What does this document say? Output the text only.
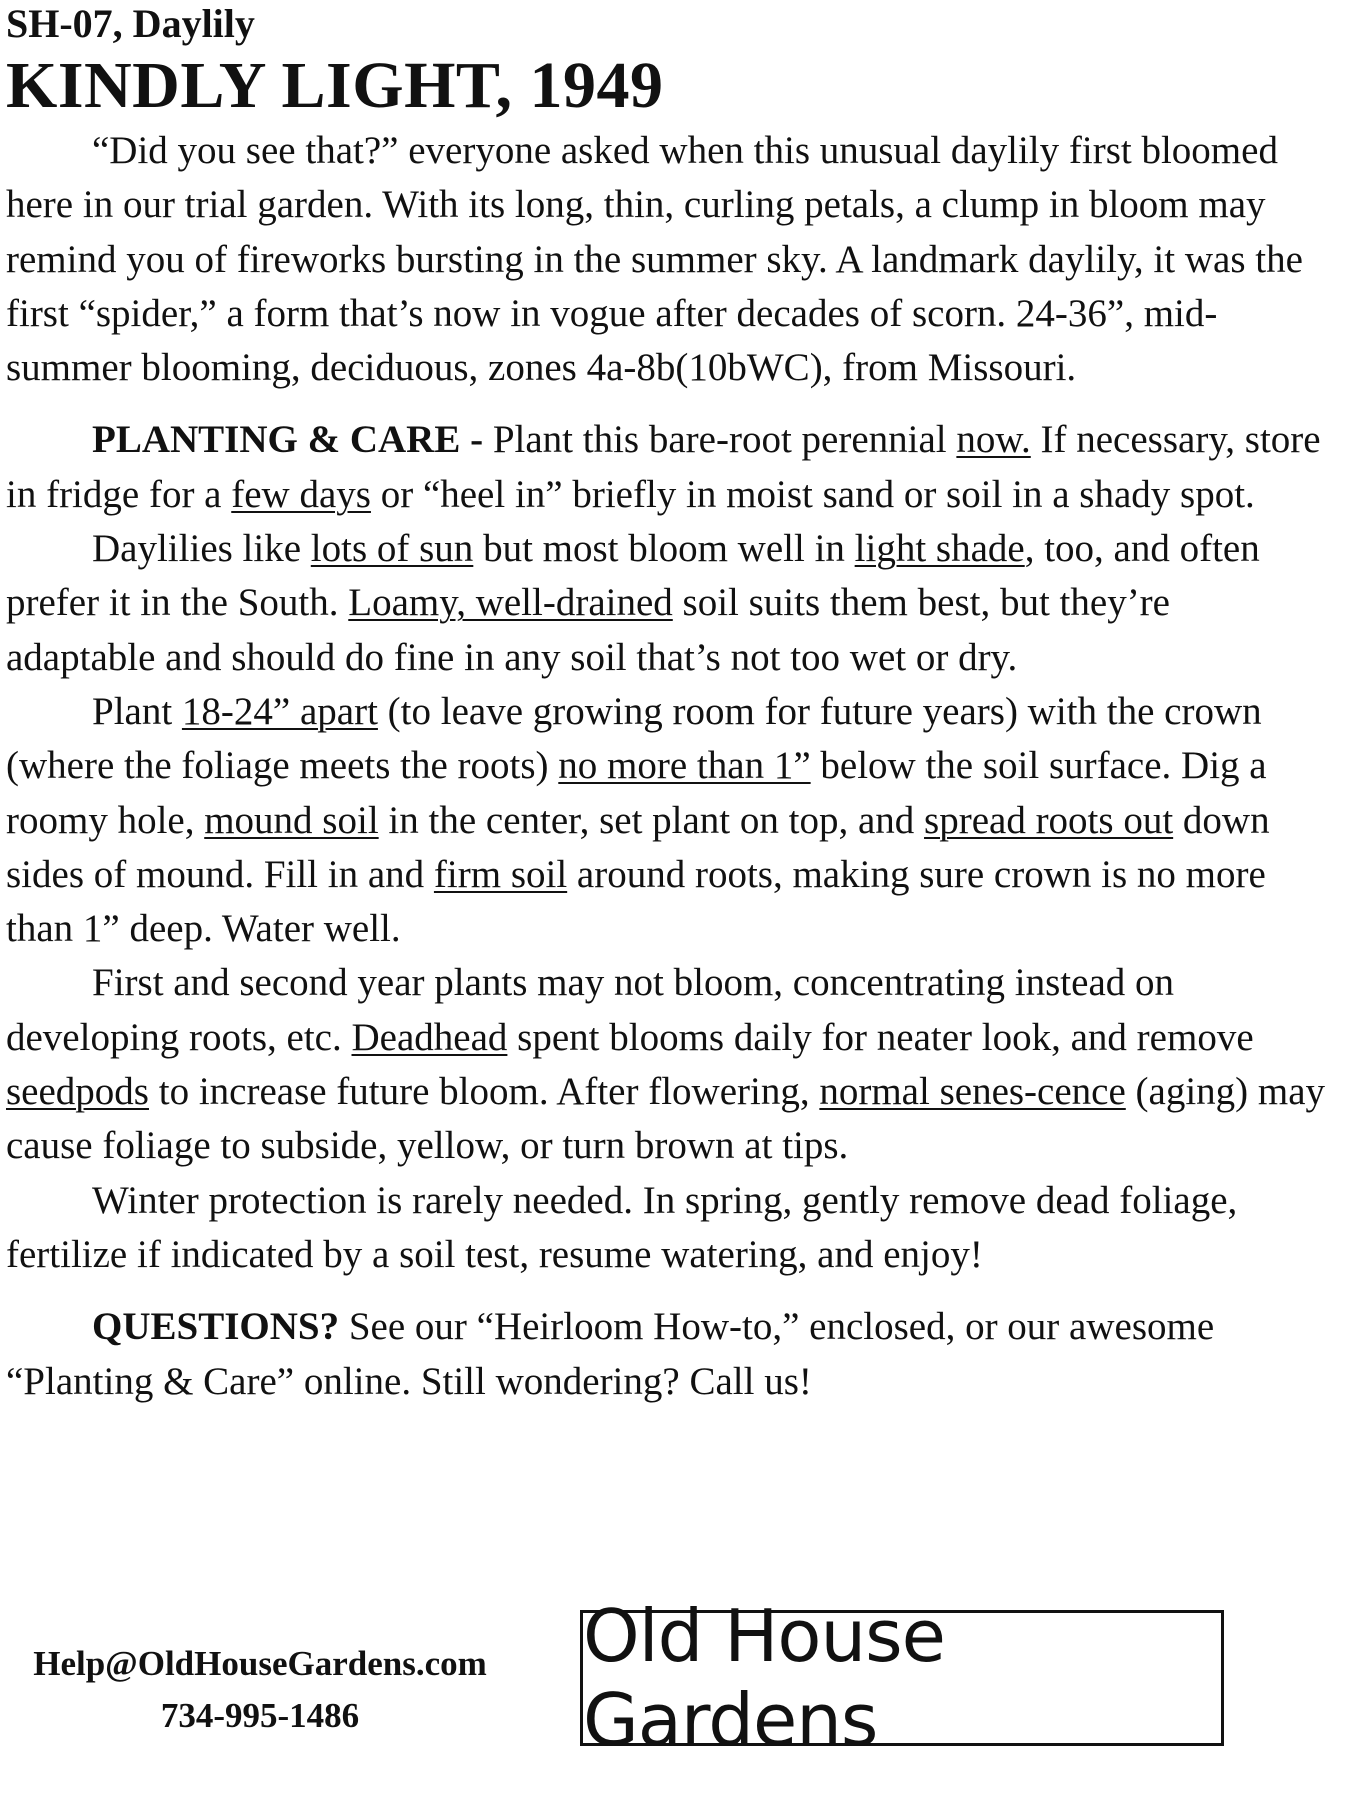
SH-07, Daylily
KINDLY LIGHT, 1949

“Did you see that?” everyone asked when this unusual daylily first bloomed here in our trial garden. With its long, thin, curling petals, a clump in bloom may remind you of fireworks bursting in the summer sky. A landmark daylily, it was the first “spider,” a form that’s now in vogue after decades of scorn. 24-36”, mid-summer blooming, deciduous, zones 4a-8b(10bWC), from Missouri.

PLANTING & CARE - Plant this bare-root perennial now. If necessary, store in fridge for a few days or “heel in” briefly in moist sand or soil in a shady spot.

Daylilies like lots of sun but most bloom well in light shade, too, and often prefer it in the South. Loamy, well-drained soil suits them best, but they’re adaptable and should do fine in any soil that’s not too wet or dry.

Plant 18-24” apart (to leave growing room for future years) with the crown (where the foliage meets the roots) no more than 1” below the soil surface. Dig a roomy hole, mound soil in the center, set plant on top, and spread roots out down sides of mound. Fill in and firm soil around roots, making sure crown is no more than 1” deep. Water well.

First and second year plants may not bloom, concentrating instead on developing roots, etc. Deadhead spent blooms daily for neater look, and remove seedpods to increase future bloom. After flowering, normal senes-cence (aging) may cause foliage to subside, yellow, or turn brown at tips.

Winter protection is rarely needed. In spring, gently remove dead foliage, fertilize if indicated by a soil test, resume watering, and enjoy!

QUESTIONS? See our “Heirloom How-to,” enclosed, or our awesome “Planting & Care” online. Still wondering? Call us!

Help@OldHouseGardens.com
734-995-1486
Old House Gardens
